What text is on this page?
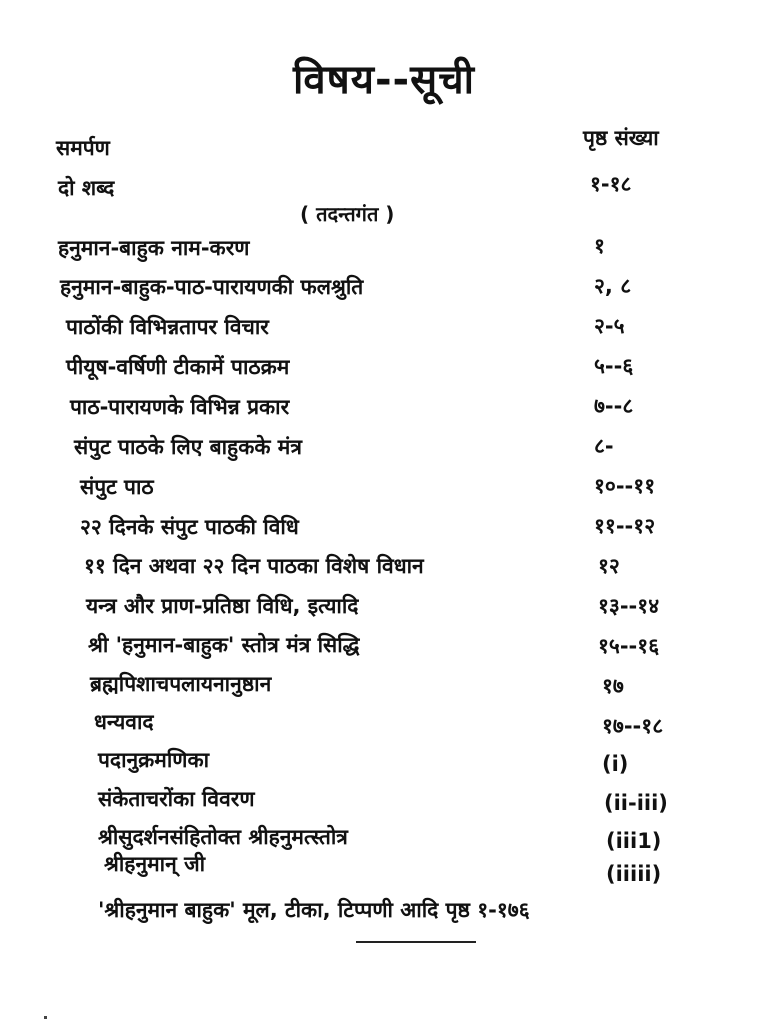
विषय--सूची
समर्पण	पृष्ठ संख्या
दो शब्द	१-१८
( तदन्तगंत )
हनुमान-बाहुक नाम-करण	१
हनुमान-बाहुक-पाठ-पारायणकी फलश्रुति	२, ८
पाठोंकी विभिन्नतापर विचार	२-५
पीयूष-वर्षिणी टीकामें पाठक्रम	५--६
पाठ-पारायणके विभिन्न प्रकार	७--८
संपुट पाठके लिए बाहुकके मंत्र	८-
संपुट पाठ	१०--११
२२ दिनके संपुट पाठकी विधि	११--१२
११ दिन अथवा २२ दिन पाठका विशेष विधान	१२
यन्त्र और प्राण-प्रतिष्ठा विधि, इत्यादि	१३--१४
श्री 'हनुमान-बाहुक' स्तोत्र मंत्र सिद्धि	१५--१६
ब्रह्मपिशाचपलायनानुष्ठान	१७
धन्यवाद	१७--१८
पदानुक्रमणिका	(i)
संकेताचरोंका विवरण	(ii-iii)
श्रीसुदर्शनसंहितोक्त श्रीहनुमत्स्तोत्र	(iii1)
श्रीहनुमान् जी	(iiiii)
'श्रीहनुमान बाहुक' मूल, टीका, टिप्पणी आदि पृष्ठ १-१७६
